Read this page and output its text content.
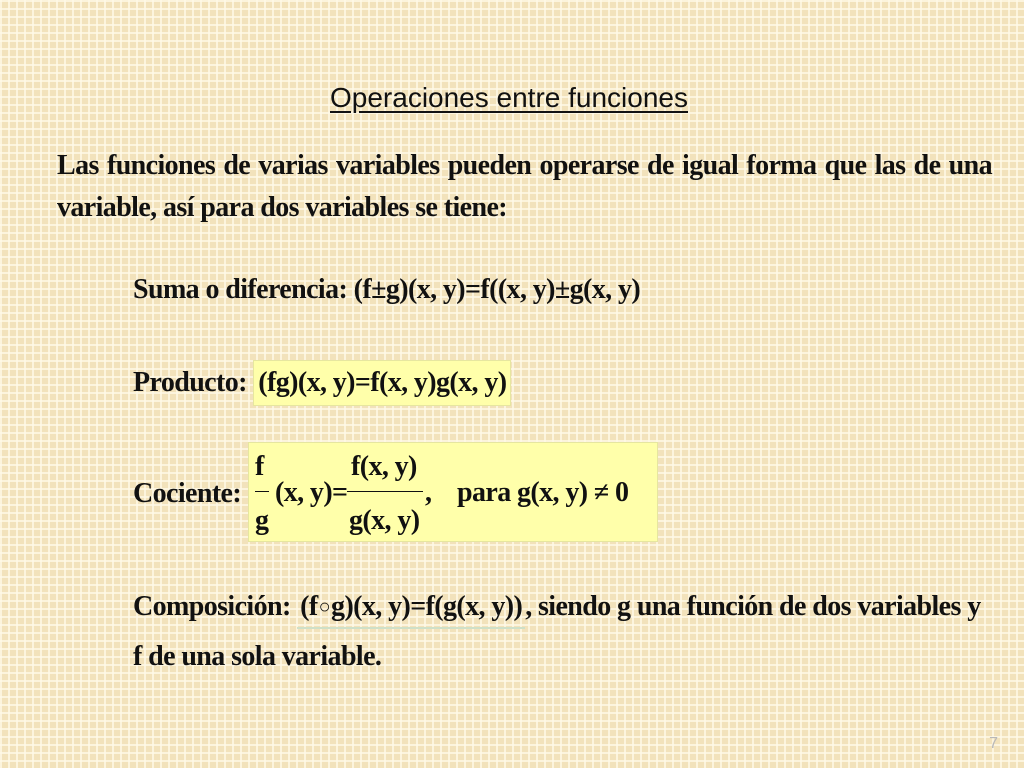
Operaciones entre funciones
Las funciones de varias variables pueden operarse de igual forma que las de una variable, así para dos variables se tiene:
Suma o diferencia: (f±g)(x, y)=f((x, y)±g(x, y)
Producto: (fg)(x, y)=f(x, y)g(x, y)
Cociente:
f
g
(x, y)=
f(x, y)
g(x, y)
, para g(x, y) ≠ 0
Composición: (f○g)(x, y)=f(g(x, y)) , siendo g una función de dos variables y
f de una sola variable.
7
